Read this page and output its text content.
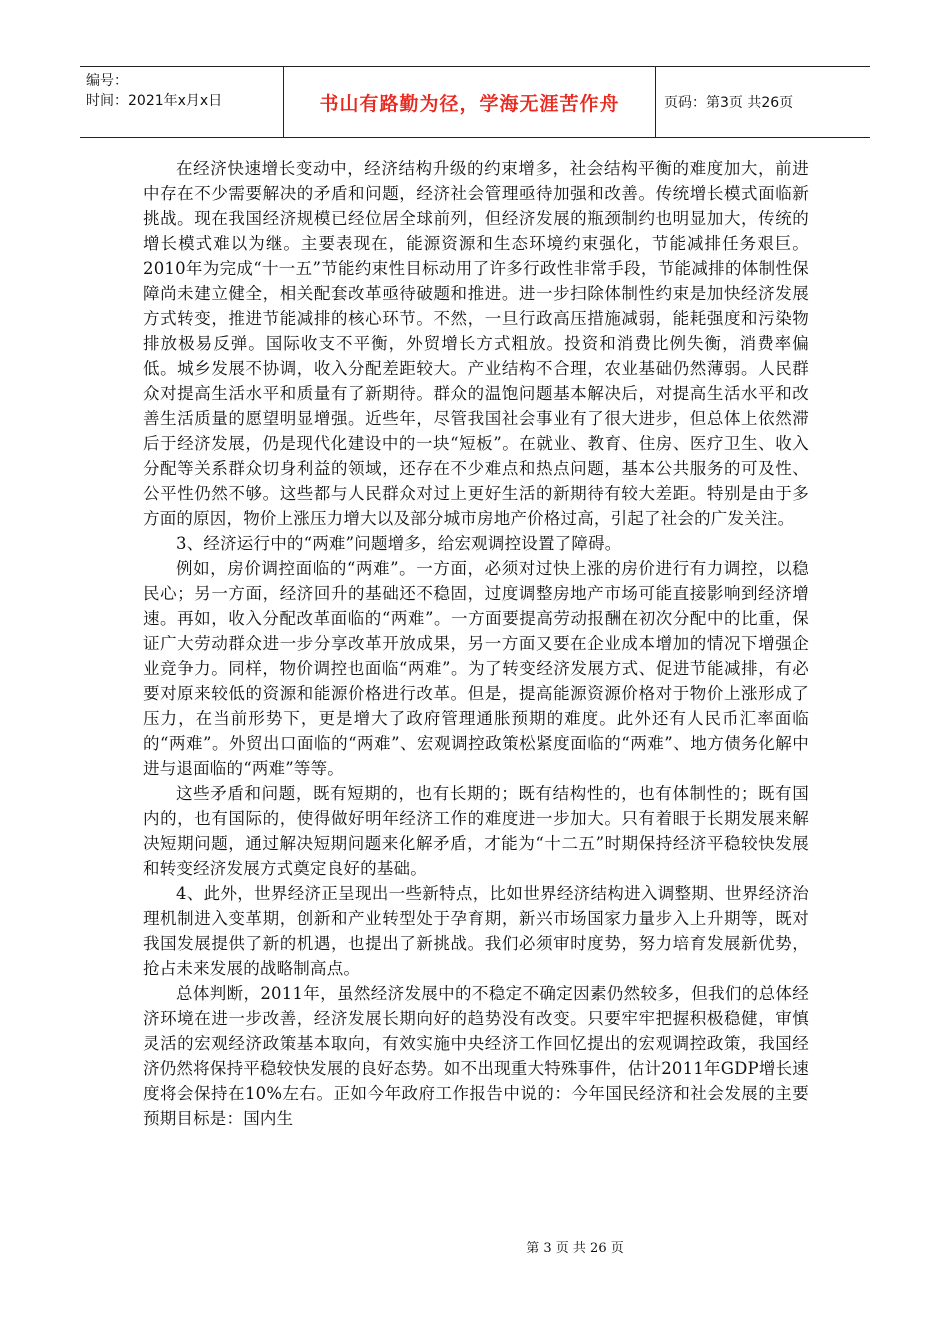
编号：
时间：2021年x月x日	书山有路勤为径，学海无涯苦作舟	页码：第3页 共26页

在经济快速增长变动中，经济结构升级的约束增多，社会结构平衡的难度加大，前进中存在不少需要解决的矛盾和问题，经济社会管理亟待加强和改善。传统增长模式面临新挑战。现在我国经济规模已经位居全球前列，但经济发展的瓶颈制约也明显加大，传统的增长模式难以为继。主要表现在，能源资源和生态环境约束强化，节能减排任务艰巨。2010年为完成“十一五”节能约束性目标动用了许多行政性非常手段，节能减排的体制性保障尚未建立健全，相关配套改革亟待破题和推进。进一步扫除体制性约束是加快经济发展方式转变，推进节能减排的核心环节。不然，一旦行政高压措施减弱，能耗强度和污染物排放极易反弹。国际收支不平衡，外贸增长方式粗放。投资和消费比例失衡，消费率偏低。城乡发展不协调，收入分配差距较大。产业结构不合理，农业基础仍然薄弱。人民群众对提高生活水平和质量有了新期待。群众的温饱问题基本解决后，对提高生活水平和改善生活质量的愿望明显增强。近些年，尽管我国社会事业有了很大进步，但总体上依然滞后于经济发展，仍是现代化建设中的一块“短板”。在就业、教育、住房、医疗卫生、收入分配等关系群众切身利益的领域，还存在不少难点和热点问题，基本公共服务的可及性、公平性仍然不够。这些都与人民群众对过上更好生活的新期待有较大差距。特别是由于多方面的原因，物价上涨压力增大以及部分城市房地产价格过高，引起了社会的广发关注。

3、经济运行中的“两难”问题增多，给宏观调控设置了障碍。

例如，房价调控面临的“两难”。一方面，必须对过快上涨的房价进行有力调控，以稳民心；另一方面，经济回升的基础还不稳固，过度调整房地产市场可能直接影响到经济增速。再如，收入分配改革面临的“两难”。一方面要提高劳动报酬在初次分配中的比重，保证广大劳动群众进一步分享改革开放成果，另一方面又要在企业成本增加的情况下增强企业竞争力。同样，物价调控也面临“两难”。为了转变经济发展方式、促进节能减排，有必要对原来较低的资源和能源价格进行改革。但是，提高能源资源价格对于物价上涨形成了压力，在当前形势下，更是增大了政府管理通胀预期的难度。此外还有人民币汇率面临的“两难”。外贸出口面临的“两难”、宏观调控政策松紧度面临的“两难”、地方债务化解中进与退面临的“两难”等等。

这些矛盾和问题，既有短期的，也有长期的；既有结构性的，也有体制性的；既有国内的，也有国际的，使得做好明年经济工作的难度进一步加大。只有着眼于长期发展来解决短期问题，通过解决短期问题来化解矛盾，才能为“十二五”时期保持经济平稳较快发展和转变经济发展方式奠定良好的基础。

4、此外，世界经济正呈现出一些新特点，比如世界经济结构进入调整期、世界经济治理机制进入变革期，创新和产业转型处于孕育期，新兴市场国家力量步入上升期等，既对我国发展提供了新的机遇，也提出了新挑战。我们必须审时度势，努力培育发展新优势，抢占未来发展的战略制高点。

总体判断，2011年，虽然经济发展中的不稳定不确定因素仍然较多，但我们的总体经济环境在进一步改善，经济发展长期向好的趋势没有改变。只要牢牢把握积极稳健，审慎灵活的宏观经济政策基本取向，有效实施中央经济工作回忆提出的宏观调控政策，我国经济仍然将保持平稳较快发展的良好态势。如不出现重大特殊事件，估计2011年GDP增长速度将会保持在10%左右。正如今年政府工作报告中说的：今年国民经济和社会发展的主要预期目标是：国内生

第 3 页 共 26 页
